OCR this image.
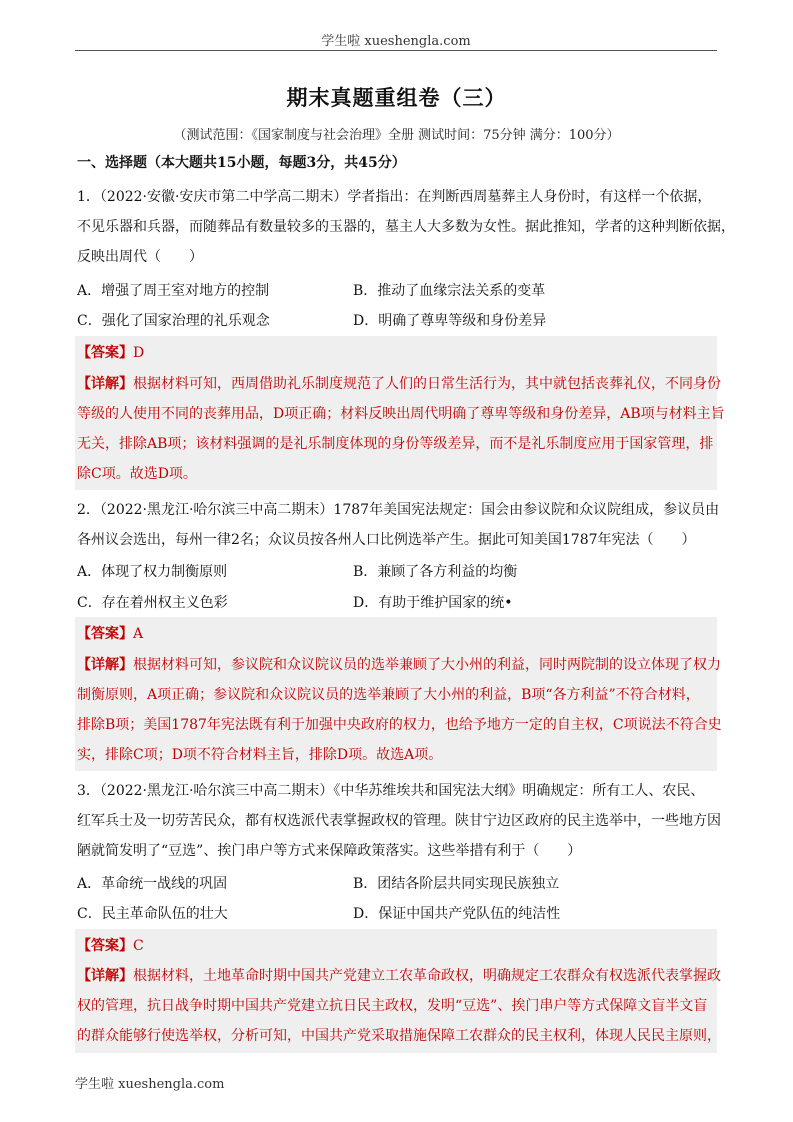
学生啦 xueshengla.com
期末真题重组卷（三）
（测试范围：《国家制度与社会治理》全册 测试时间：75分钟 满分：100分）
一、选择题（本大题共15小题，每题3分，共45分）
1．（2022·安徽·安庆市第二中学高二期末）学者指出：在判断西周墓葬主人身份时，有这样一个依据，
不见乐器和兵器，而随葬品有数量较多的玉器的，墓主人大多数为女性。据此推知，学者的这种判断依据，
反映出周代（　　）
A．增强了周王室对地方的控制	B．推动了血缘宗法关系的变革
C．强化了国家治理的礼乐观念	D．明确了尊卑等级和身份差异
【答案】D
【详解】根据材料可知，西周借助礼乐制度规范了人们的日常生活行为，其中就包括丧葬礼仪，不同身份
等级的人使用不同的丧葬用品，D项正确；材料反映出周代明确了尊卑等级和身份差异，AB项与材料主旨
无关，排除AB项；该材料强调的是礼乐制度体现的身份等级差异，而不是礼乐制度应用于国家管理，排
除C项。故选D项。
2．（2022·黑龙江·哈尔滨三中高二期末）1787年美国宪法规定：国会由参议院和众议院组成，参议员由
各州议会选出，每州一律2名；众议员按各州人口比例选举产生。据此可知美国1787年宪法（　　）
A．体现了权力制衡原则	B．兼顾了各方利益的均衡
C．存在着州权主义色彩	D．有助于维护国家的统•
【答案】A
【详解】根据材料可知，参议院和众议院议员的选举兼顾了大小州的利益，同时两院制的设立体现了权力
制衡原则，A项正确；参议院和众议院议员的选举兼顾了大小州的利益，B项“各方利益”不符合材料，
排除B项；美国1787年宪法既有利于加强中央政府的权力，也给予地方一定的自主权，C项说法不符合史
实，排除C项；D项不符合材料主旨，排除D项。故选A项。
3．（2022·黑龙江·哈尔滨三中高二期末）《中华苏维埃共和国宪法大纲》明确规定：所有工人、农民、
红军兵士及一切劳苦民众，都有权选派代表掌握政权的管理。陕甘宁边区政府的民主选举中，一些地方因
陋就简发明了“豆选”、挨门串户等方式来保障政策落实。这些举措有利于（　　）
A．革命统一战线的巩固	B．团结各阶层共同实现民族独立
C．民主革命队伍的壮大	D．保证中国共产党队伍的纯洁性
【答案】C
【详解】根据材料，土地革命时期中国共产党建立工农革命政权，明确规定工农群众有权选派代表掌握政
权的管理，抗日战争时期中国共产党建立抗日民主政权，发明“豆选”、挨门串户等方式保障文盲半文盲
的群众能够行使选举权，分析可知，中国共产党采取措施保障工农群众的民主权利，体现人民民主原则，
学生啦 xueshengla.com
